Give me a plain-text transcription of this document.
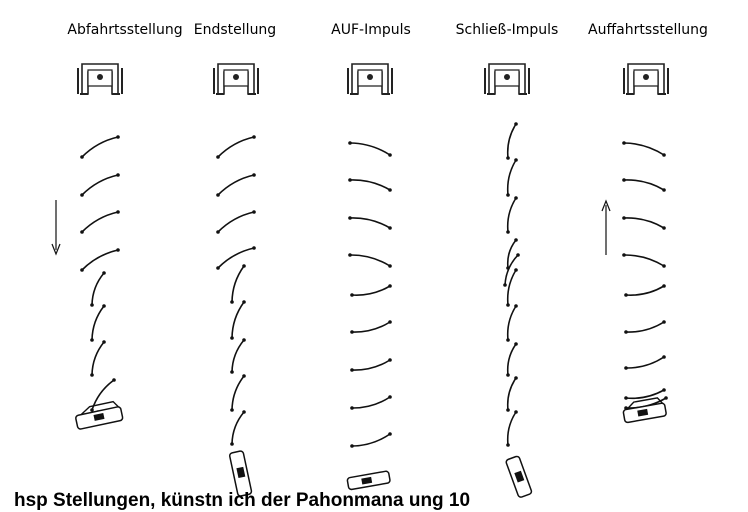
Abfahrtsstellung Endstellung	AUF-Impuls	Schließ-Impuls	Auffahrtsstellung
hsp Stellungen, künstn ich der Pahonmana ung 10
